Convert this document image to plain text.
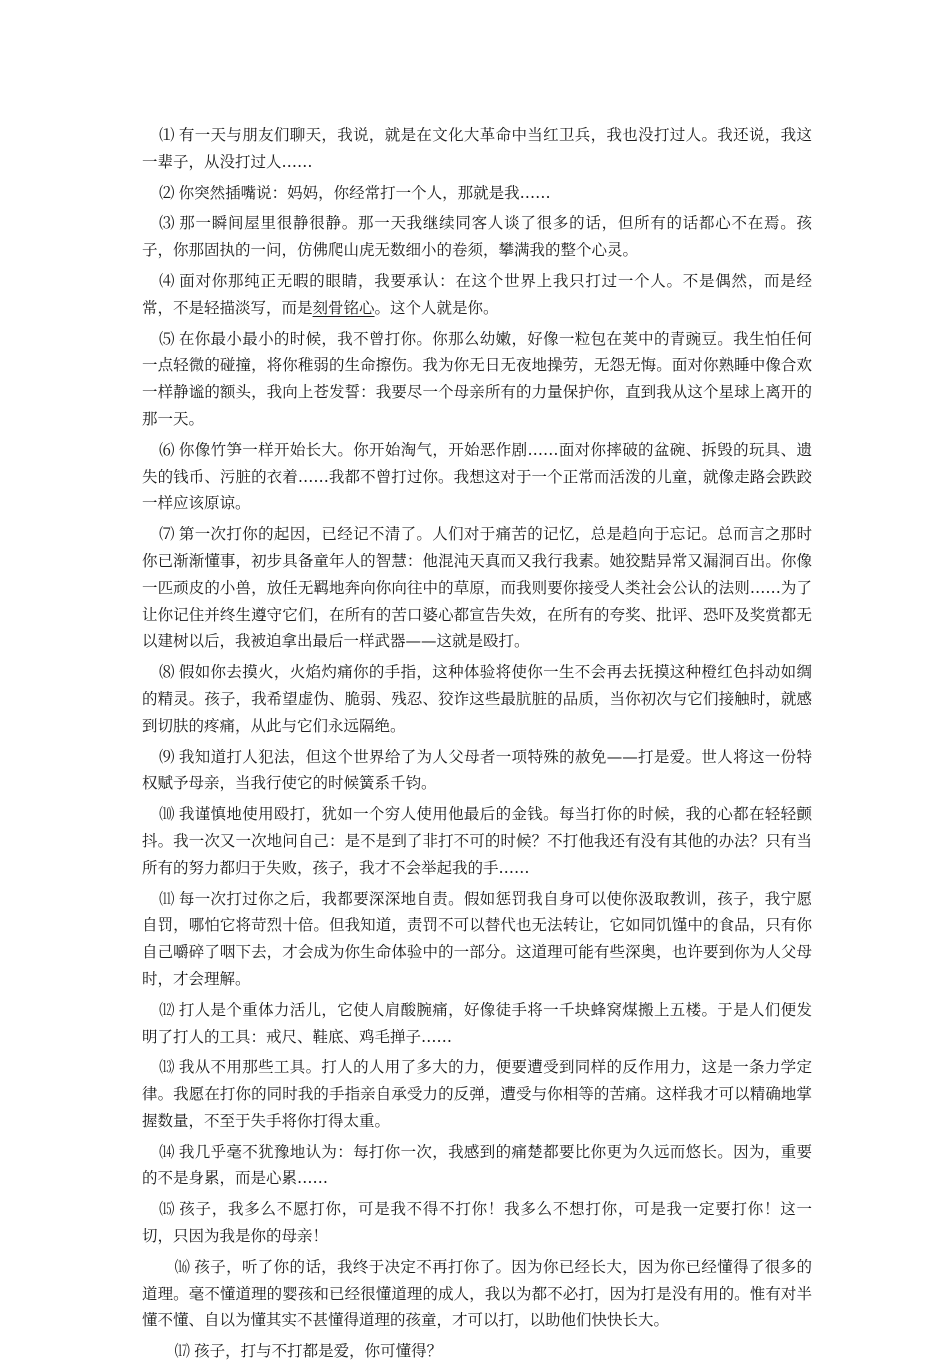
⑴ 有一天与朋友们聊天，我说，就是在文化大革命中当红卫兵，我也没打过人。我还说，我这一辈子，从没打过人……

⑵ 你突然插嘴说：妈妈，你经常打一个人，那就是我……

⑶ 那一瞬间屋里很静很静。那一天我继续同客人谈了很多的话，但所有的话都心不在焉。孩子，你那固执的一问，仿佛爬山虎无数细小的卷须，攀满我的整个心灵。

⑷ 面对你那纯正无暇的眼睛，我要承认：在这个世界上我只打过一个人。不是偶然，而是经常，不是轻描淡写，而是刻骨铭心。这个人就是你。

⑸ 在你最小最小的时候，我不曾打你。你那么幼嫩，好像一粒包在荚中的青豌豆。我生怕任何一点轻微的碰撞，将你稚弱的生命擦伤。我为你无日无夜地操劳，无怨无悔。面对你熟睡中像合欢一样静谧的额头，我向上苍发誓：我要尽一个母亲所有的力量保护你，直到我从这个星球上离开的那一天。

⑹ 你像竹笋一样开始长大。你开始淘气，开始恶作剧……面对你摔破的盆碗、拆毁的玩具、遗失的钱币、污脏的衣着……我都不曾打过你。我想这对于一个正常而活泼的儿童，就像走路会跌跤一样应该原谅。

⑺ 第一次打你的起因，已经记不清了。人们对于痛苦的记忆，总是趋向于忘记。总而言之那时你已渐渐懂事，初步具备童年人的智慧：他混沌天真而又我行我素。她狡黠异常又漏洞百出。你像一匹顽皮的小兽，放任无羁地奔向你向往中的草原，而我则要你接受人类社会公认的法则……为了让你记住并终生遵守它们，在所有的苦口婆心都宣告失效，在所有的夸奖、批评、恐吓及奖赏都无以建树以后，我被迫拿出最后一样武器——这就是殴打。

⑻ 假如你去摸火，火焰灼痛你的手指，这种体验将使你一生不会再去抚摸这种橙红色抖动如绸的精灵。孩子，我希望虚伪、脆弱、残忍、狡诈这些最肮脏的品质，当你初次与它们接触时，就感到切肤的疼痛，从此与它们永远隔绝。

⑼ 我知道打人犯法，但这个世界给了为人父母者一项特殊的赦免——打是爱。世人将这一份特权赋予母亲，当我行使它的时候簧系千钧。

⑽ 我谨慎地使用殴打，犹如一个穷人使用他最后的金钱。每当打你的时候，我的心都在轻轻颤抖。我一次又一次地问自己：是不是到了非打不可的时候？不打他我还有没有其他的办法？只有当所有的努力都归于失败，孩子，我才不会举起我的手……

⑾ 每一次打过你之后，我都要深深地自责。假如惩罚我自身可以使你汲取教训，孩子，我宁愿自罚，哪怕它将苛烈十倍。但我知道，责罚不可以替代也无法转让，它如同饥馑中的食品，只有你自己嚼碎了咽下去，才会成为你生命体验中的一部分。这道理可能有些深奥，也许要到你为人父母时，才会理解。

⑿ 打人是个重体力活儿，它使人肩酸腕痛，好像徒手将一千块蜂窝煤搬上五楼。于是人们便发明了打人的工具：戒尺、鞋底、鸡毛掸子……

⒀ 我从不用那些工具。打人的人用了多大的力，便要遭受到同样的反作用力，这是一条力学定律。我愿在打你的同时我的手指亲自承受力的反弹，遭受与你相等的苦痛。这样我才可以精确地掌握数量，不至于失手将你打得太重。

⒁ 我几乎毫不犹豫地认为：每打你一次，我感到的痛楚都要比你更为久远而悠长。因为，重要的不是身累，而是心累……

⒂ 孩子，我多么不愿打你，可是我不得不打你！我多么不想打你，可是我一定要打你！这一切，只因为我是你的母亲！

⒃ 孩子，听了你的话，我终于决定不再打你了。因为你已经长大，因为你已经懂得了很多的道理。毫不懂道理的婴孩和已经很懂道理的成人，我以为都不必打，因为打是没有用的。惟有对半懂不懂、自以为懂其实不甚懂得道理的孩童，才可以打，以助他们快快长大。

⒄ 孩子，打与不打都是爱，你可懂得？
